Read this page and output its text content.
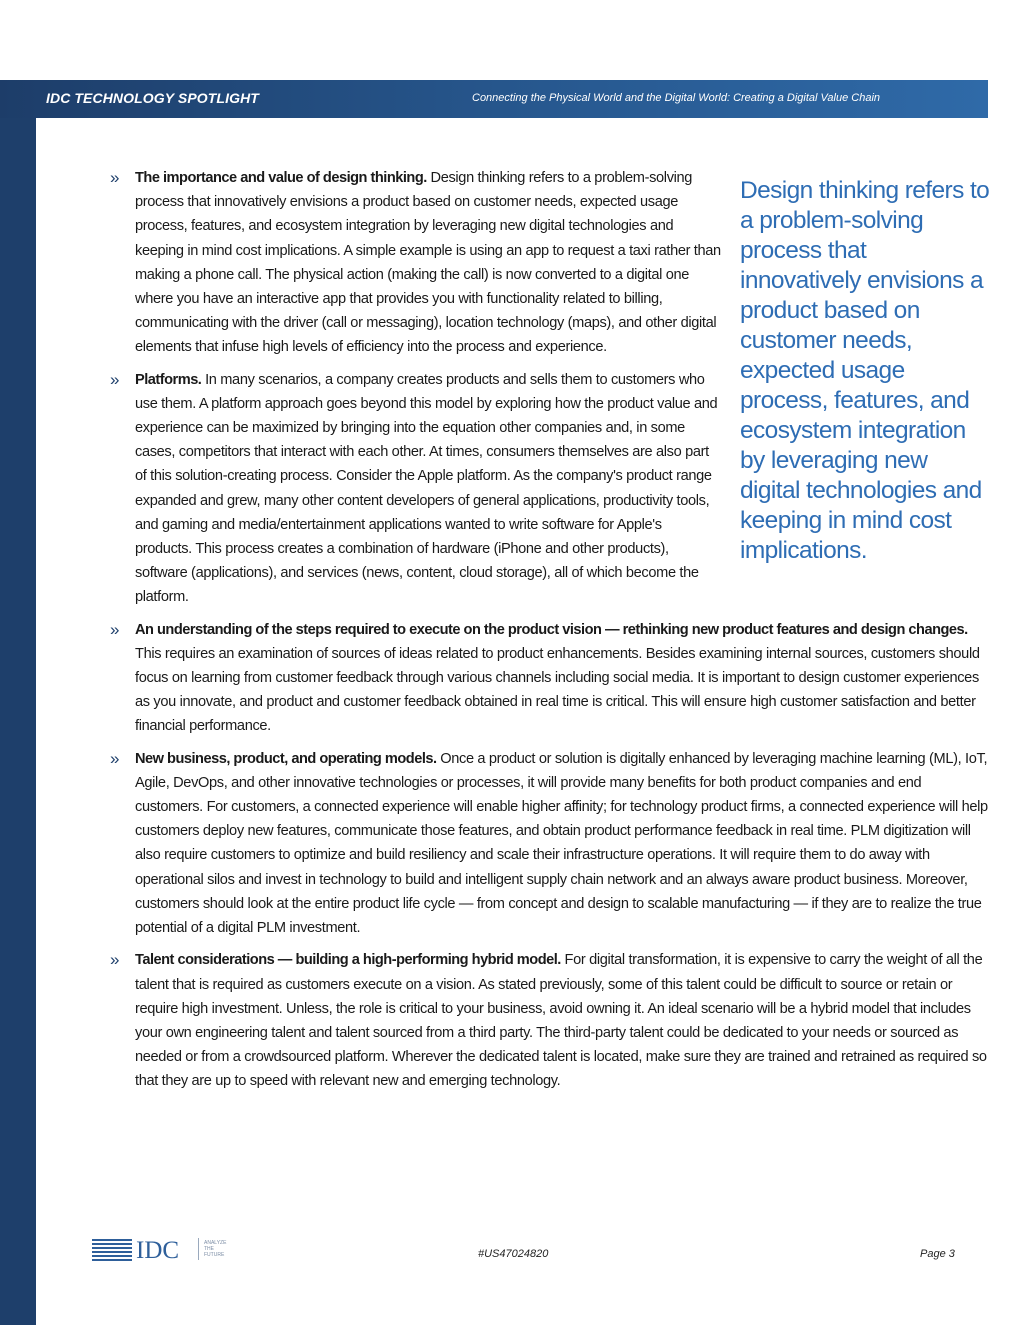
IDC TECHNOLOGY SPOTLIGHT	Connecting the Physical World and the Digital World: Creating a Digital Value Chain
»	Design thinking refers to a problem-solving process that innovatively envisions a product based on customer needs, expected usage process, features, and ecosystem integration by leveraging new digital technologies and keeping in mind cost implications.
The importance and value of design thinking. Design thinking refers to a problem-solving process that innovatively envisions a product based on customer needs, expected usage process, features, and ecosystem integration by leveraging new digital technologies and keeping in mind cost implications. A simple example is using an app to request a taxi rather than making a phone call. The physical action (making the call) is now converted to a digital one where you have an interactive app that provides you with functionality related to billing, communicating with the driver (call or messaging), location technology (maps), and other digital elements that infuse high levels of efficiency into the process and experience.
» Platforms. In many scenarios, a company creates products and sells them to customers who use them. A platform approach goes beyond this model by exploring how the product value and experience can be maximized by bringing into the equation other companies and, in some cases, competitors that interact with each other. At times, consumers themselves are also part of this solution-creating process. Consider the Apple platform. As the company's product range expanded and grew, many other content developers of general applications, productivity tools, and gaming and media/entertainment applications wanted to write software for Apple's products. This process creates a combination of hardware (iPhone and other products), software (applications), and services (news, content, cloud storage), all of which become the platform.
» An understanding of the steps required to execute on the product vision — rethinking new product features and design changes. This requires an examination of sources of ideas related to product enhancements. Besides examining internal sources, customers should focus on learning from customer feedback through various channels including social media. It is important to design customer experiences as you innovate, and product and customer feedback obtained in real time is critical. This will ensure high customer satisfaction and better financial performance.
» New business, product, and operating models. Once a product or solution is digitally enhanced by leveraging machine learning (ML), IoT, Agile, DevOps, and other innovative technologies or processes, it will provide many benefits for both product companies and end customers. For customers, a connected experience will enable higher affinity; for technology product firms, a connected experience will help customers deploy new features, communicate those features, and obtain product performance feedback in real time. PLM digitization will also require customers to optimize and build resiliency and scale their infrastructure operations. It will require them to do away with operational silos and invest in technology to build and intelligent supply chain network and an always aware product business. Moreover, customers should look at the entire product life cycle — from concept and design to scalable manufacturing — if they are to realize the true potential of a digital PLM investment.
» Talent considerations — building a high-performing hybrid model. For digital transformation, it is expensive to carry the weight of all the talent that is required as customers execute on a vision. As stated previously, some of this talent could be difficult to source or retain or require high investment. Unless, the role is critical to your business, avoid owning it. An ideal scenario will be a hybrid model that includes your own engineering talent and talent sourced from a third party. The third-party talent could be dedicated to your needs or sourced as needed or from a crowdsourced platform. Wherever the dedicated talent is located, make sure they are trained and retrained as required so that they are up to speed with relevant new and emerging technology.
IDC	ANALYZE
THE
FUTURE	#US47024820	Page 3
